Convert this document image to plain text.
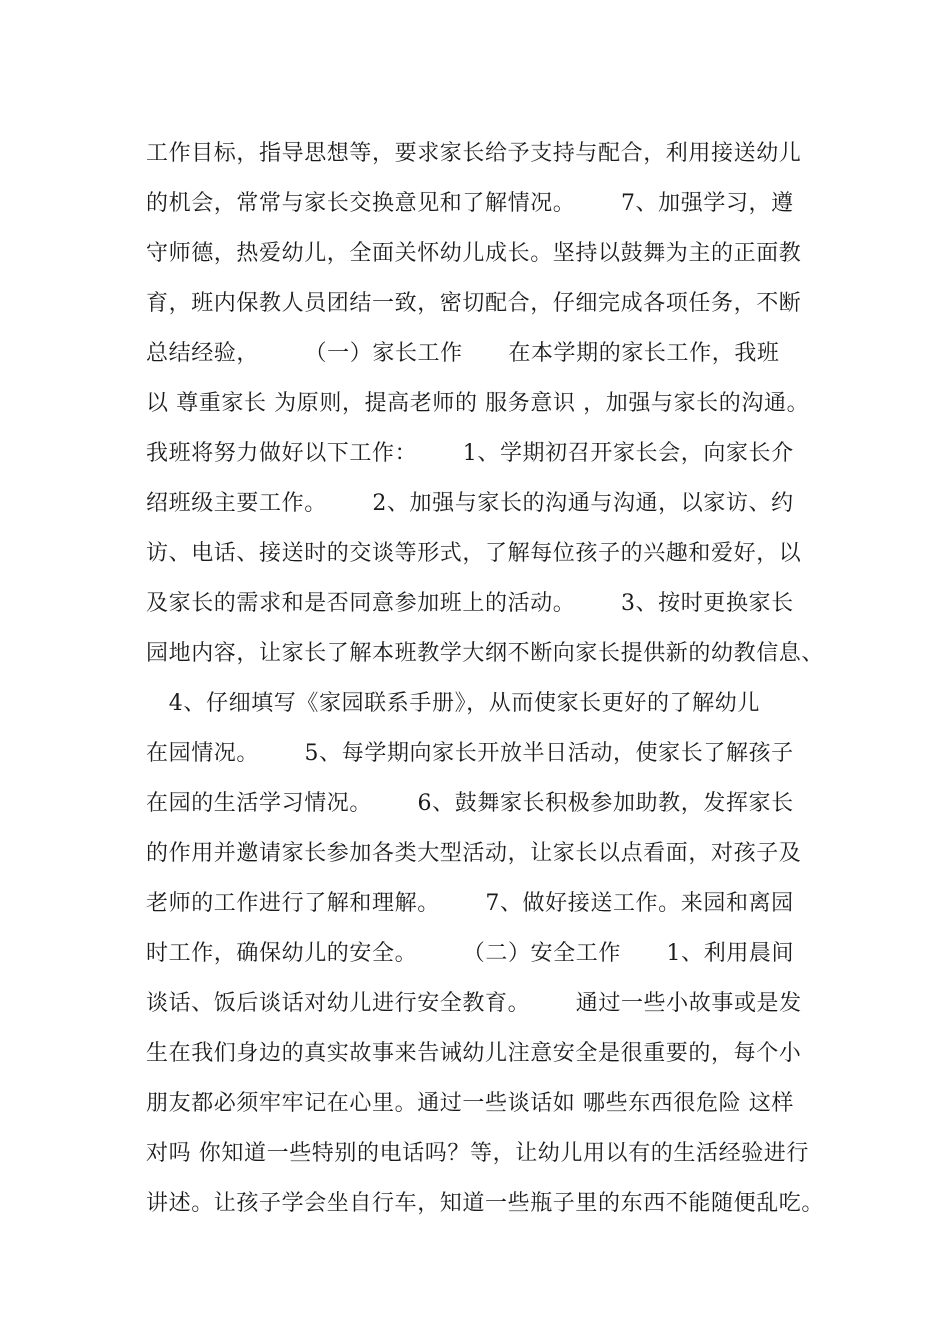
工作目标，指导思想等，要求家长给予支持与配合，利用接送幼儿
的机会，常常与家长交换意见和了解情况。      7、加强学习，遵
守师德，热爱幼儿，全面关怀幼儿成长。坚持以鼓舞为主的正面教
育，班内保教人员团结一致，密切配合，仔细完成各项任务，不断
总结经验，      （一）家长工作      在本学期的家长工作，我班
以 尊重家长 为原则，提高老师的 服务意识 ，加强与家长的沟通。
我班将努力做好以下工作：      1、学期初召开家长会，向家长介
绍班级主要工作。      2、加强与家长的沟通与沟通，以家访、约
访、电话、接送时的交谈等形式，了解每位孩子的兴趣和爱好，以
及家长的需求和是否同意参加班上的活动。      3、按时更换家长
园地内容，让家长了解本班教学大纲不断向家长提供新的幼教信息、
4、仔细填写《家园联系手册》，从而使家长更好的了解幼儿
在园情况。      5、每学期向家长开放半日活动，使家长了解孩子
在园的生活学习情况。      6、鼓舞家长积极参加助教，发挥家长
的作用并邀请家长参加各类大型活动，让家长以点看面，对孩子及
老师的工作进行了解和理解。      7、做好接送工作。来园和离园
时工作，确保幼儿的安全。      （二）安全工作      1、利用晨间
谈话、饭后谈话对幼儿进行安全教育。      通过一些小故事或是发
生在我们身边的真实故事来告诫幼儿注意安全是很重要的，每个小
朋友都必须牢牢记在心里。通过一些谈话如 哪些东西很危险 这样
对吗 你知道一些特别的电话吗？等，让幼儿用以有的生活经验进行
讲述。让孩子学会坐自行车，知道一些瓶子里的东西不能随便乱吃。
